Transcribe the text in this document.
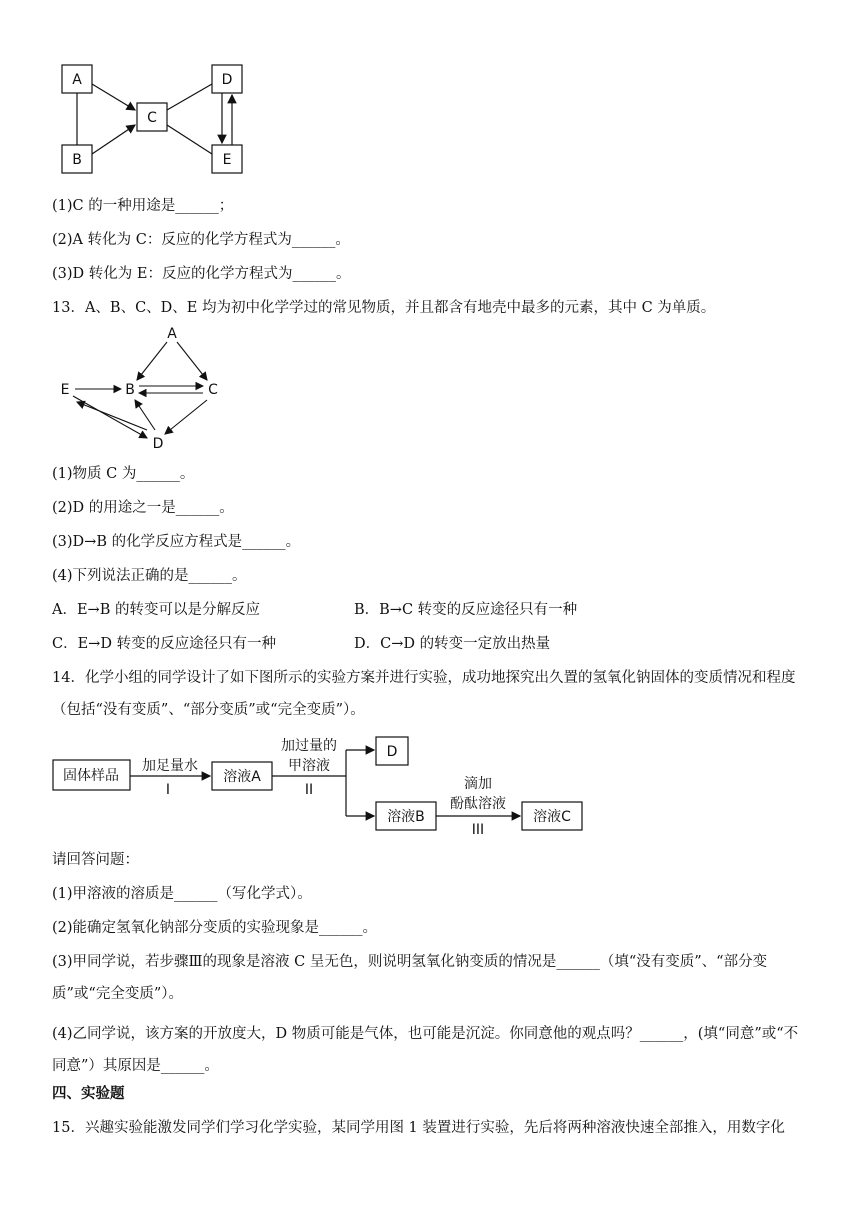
A
B
C
D
E
(1)C 的一种用途是______；
(2)A 转化为 C：反应的化学方程式为______。
(3)D 转化为 E：反应的化学方程式为______。
13．A、B、C、D、E 均为初中化学学过的常见物质，并且都含有地壳中最多的元素，其中 C 为单质。
A
B	C
D
E
(1)物质 C 为______。
(2)D 的用途之一是______。
(3)D→B 的化学反应方程式是______。
(4)下列说法正确的是______。
A．E→B 的转变可以是分解反应	B．B→C 转变的反应途径只有一种
C．E→D 转变的反应途径只有一种	D．C→D 的转变一定放出热量
14．化学小组的同学设计了如下图所示的实验方案并进行实验，成功地探究出久置的氢氧化钠固体的变质情况和程度（包括“没有变质”、“部分变质”或“完全变质”）。
固体样品
加足量水
I
溶液A
加过量的
甲溶液
II
D
溶液B
滴加
酚酞溶液
III
溶液C
请回答问题：
(1)甲溶液的溶质是______（写化学式）。
(2)能确定氢氧化钠部分变质的实验现象是______。
(3)甲同学说，若步骤Ⅲ的现象是溶液 C 呈无色，则说明氢氧化钠变质的情况是______（填“没有变质”、“部分变质”或“完全变质”）。
(4)乙同学说，该方案的开放度大，D 物质可能是气体，也可能是沉淀。你同意他的观点吗？______，(填“同意”或“不同意”）其原因是______。
四、实验题
15．兴趣实验能激发同学们学习化学实验，某同学用图 1 装置进行实验，先后将两种溶液快速全部推入，用数字化
